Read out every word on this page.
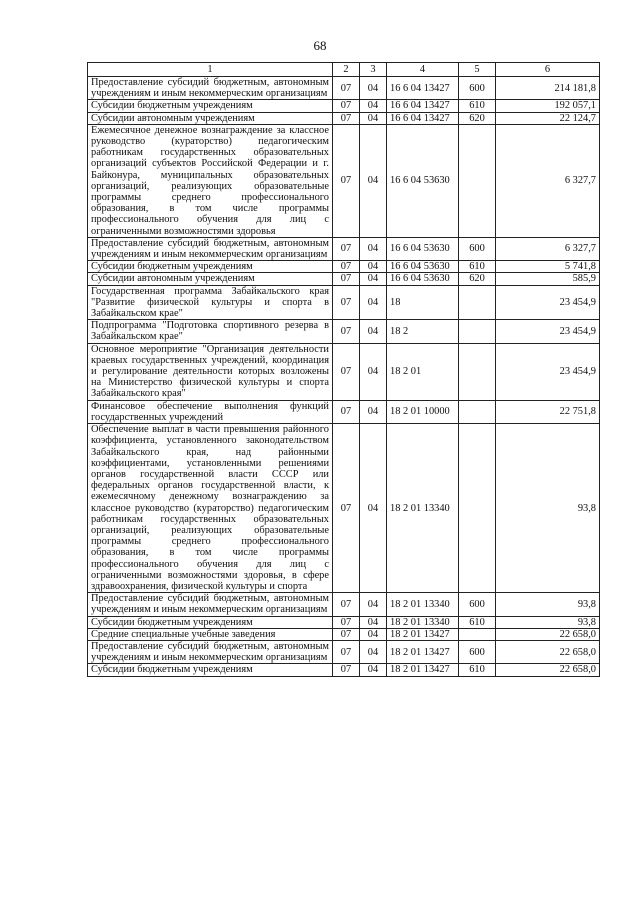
68
1	2	3	4	5	6
Предоставление субсидий бюджетным, автономным учреждениям и иным некоммерческим организациям	07	04	16 6 04 13427	600	214 181,8
Субсидии бюджетным учреждениям	07	04	16 6 04 13427	610	192 057,1
Субсидии автономным учреждениям	07	04	16 6 04 13427	620	22 124,7
Ежемесячное денежное вознаграждение за классное руководство (кураторство) педагогическим работникам государственных образовательных организаций субъектов Российской Федерации и г. Байконура, муниципальных образовательных организаций, реализующих образовательные программы среднего профессионального образования, в том числе программы профессионального обучения для лиц с ограниченными возможностями здоровья	07	04	16 6 04 53630		6 327,7
Предоставление субсидий бюджетным, автономным учреждениям и иным некоммерческим организациям	07	04	16 6 04 53630	600	6 327,7
Субсидии бюджетным учреждениям	07	04	16 6 04 53630	610	5 741,8
Субсидии автономным учреждениям	07	04	16 6 04 53630	620	585,9
Государственная программа Забайкальского края "Развитие физической культуры и спорта в Забайкальском крае"	07	04	18		23 454,9
Подпрограмма "Подготовка спортивного резерва в Забайкальском крае"	07	04	18 2		23 454,9
Основное мероприятие "Организация деятельности краевых государственных учреждений, координация и регулирование деятельности которых возложены на Министерство физической культуры и спорта Забайкальского края"	07	04	18 2 01		23 454,9
Финансовое обеспечение выполнения функций государственных учреждений	07	04	18 2 01 10000		22 751,8
Обеспечение выплат в части превышения районного коэффициента, установленного законодательством Забайкальского края, над районными коэффициентами, установленными решениями органов государственной власти СССР или федеральных органов государственной власти, к ежемесячному денежному вознаграждению за классное руководство (кураторство) педагогическим работникам государственных образовательных организаций, реализующих образовательные программы среднего профессионального образования, в том числе программы профессионального обучения для лиц с ограниченными возможностями здоровья, в сфере здравоохранения, физической культуры и спорта	07	04	18 2 01 13340		93,8
Предоставление субсидий бюджетным, автономным учреждениям и иным некоммерческим организациям	07	04	18 2 01 13340	600	93,8
Субсидии бюджетным учреждениям	07	04	18 2 01 13340	610	93,8
Средние специальные учебные заведения	07	04	18 2 01 13427		22 658,0
Предоставление субсидий бюджетным, автономным учреждениям и иным некоммерческим организациям	07	04	18 2 01 13427	600	22 658,0
Субсидии бюджетным учреждениям	07	04	18 2 01 13427	610	22 658,0
